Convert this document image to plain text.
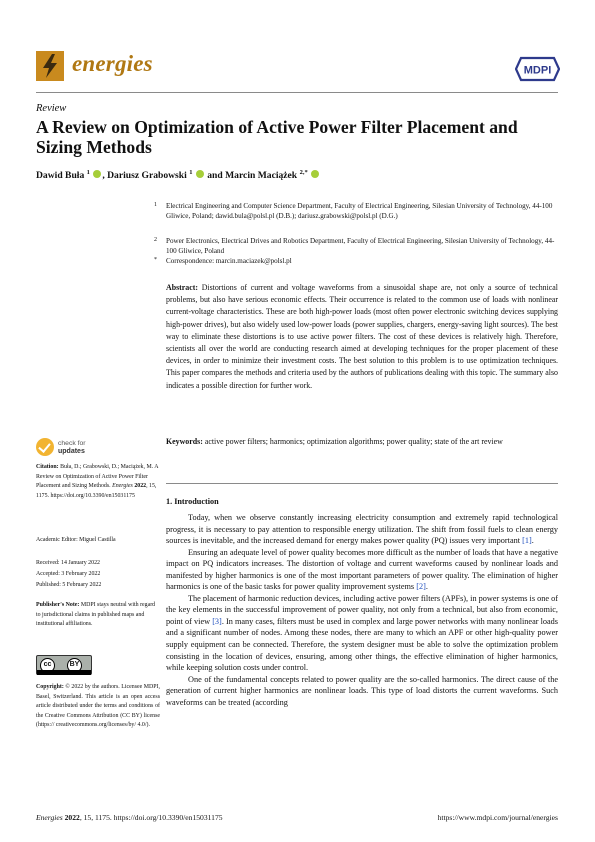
energies	MDPI
Review
A Review on Optimization of Active Power Filter Placement and Sizing Methods
Dawid Buła $^1$ , Dariusz Grabowski $^1$  and Marcin Maciążek $^{2,*}$
1 Electrical Engineering and Computer Science Department, Faculty of Electrical Engineering, Silesian University of Technology, 44-100 Gliwice, Poland; dawid.bula@polsl.pl (D.B.); dariusz.grabowski@polsl.pl (D.G.)
2 Power Electronics, Electrical Drives and Robotics Department, Faculty of Electrical Engineering, Silesian University of Technology, 44-100 Gliwice, Poland
* Correspondence: marcin.maciazek@polsl.pl
Abstract: Distortions of current and voltage waveforms from a sinusoidal shape are, not only a source of technical problems, but also have serious economic effects. Their occurrence is related to the common use of loads with nonlinear current-voltage characteristics. These are both high-power loads (most often power electronic switching devices supplying high-power drives), but also widely used low-power loads (power supplies, chargers, energy-saving light sources). The best way to eliminate these distortions is to use active power filters. The cost of these devices is relatively high. Therefore, scientists all over the world are conducting research aimed at developing techniques for the proper placement of these devices, in order to minimize their investment costs. The best solution to this problem is to use optimization techniques. This paper compares the methods and criteria used by the authors of publications dealing with this topic. The summary also indicates a possible direction for further work.
Keywords: active power filters; harmonics; optimization algorithms; power quality; state of the art review
1. Introduction

Today, when we observe constantly increasing electricity consumption and extremely rapid technological progress, it is necessary to pay attention to responsible energy utilization. The shift from fossil fuels to clean energy sources is inevitable, and the increased demand for energy makes power quality (PQ) issues very important [1].

Ensuring an adequate level of power quality becomes more difficult as the number of loads that have a negative impact on PQ indicators increases. The distortion of voltage and current waveforms caused by nonlinear loads and manifested by higher harmonics is one of the most important parameters of power quality. The elimination of higher harmonics is one of the basic tasks for power quality improvement systems [2].

The placement of harmonic reduction devices, including active power filters (APFs), in power systems is one of the key elements in the successful improvement of power quality, not only from a technical, but also from economic, point of view [3]. In many cases, filters must be used in complex and large power networks with many nonlinear loads and a significant number of nodes. Among these nodes, there are many to which an APF or other high-quality power supply equipment can be connected. Therefore, the system designer must be able to solve the optimization problem consisting in the location of devices, ensuring, among other things, the effective elimination of higher harmonics, while keeping solution costs under control.

One of the fundamental concepts related to power quality are the so-called harmonics. The direct cause of the generation of current higher harmonics are nonlinear loads. This type of load distorts the current waveforms. Such waveforms can be treated (according

check for
updates
Citation: Buła, D.; Grabowski, D.; Maciążek, M. A Review on Optimization of Active Power Filter Placement and Sizing Methods. Energies 2022, 15, 1175. https://doi.org/10.3390/en15031175
Academic Editor: Miguel Castilla
Received: 14 January 2022
Accepted: 3 February 2022
Published: 5 February 2022
Publisher's Note: MDPI stays neutral with regard to jurisdictional claims in published maps and institutional affiliations.
cc	BY
Copyright: © 2022 by the authors. Licensee MDPI, Basel, Switzerland. This article is an open access article distributed under the terms and conditions of the Creative Commons Attribution (CC BY) license (https:// creativecommons.org/licenses/by/ 4.0/).
Energies 2022, 15, 1175. https://doi.org/10.3390/en15031175	https://www.mdpi.com/journal/energies
